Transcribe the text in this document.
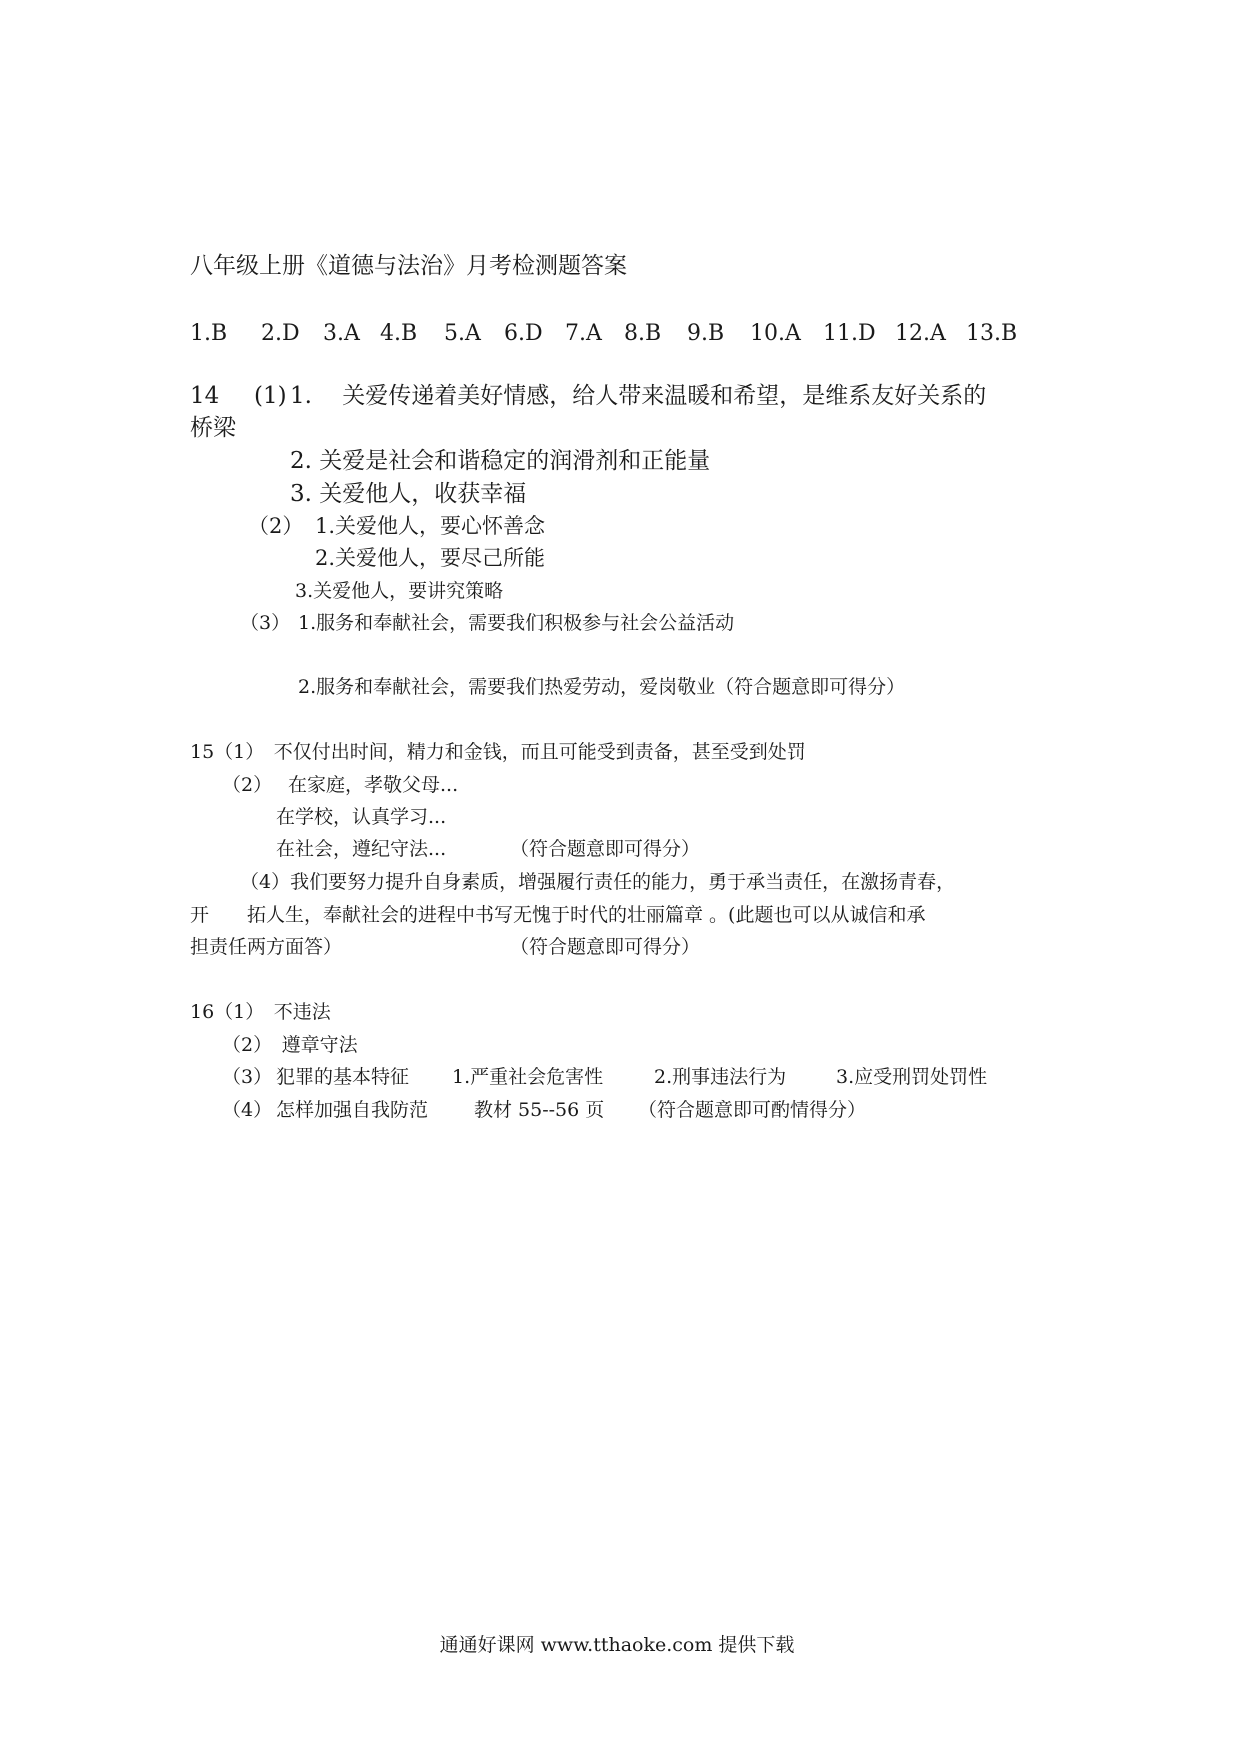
八年级上册《道德与法治》月考检测题答案
1.B 2.D 3.A 4.B 5.A 6.D 7.A 8.B 9.B 10.A 11.D 12.A 13.B
14 (1) 1.　 关爱传递着美好情感，给人带来温暖和希望，是维系友好关系的
桥梁
2. 关爱是社会和谐稳定的润滑剂和正能量
3. 关爱他人，收获幸福
（2） 1.关爱他人，要心怀善念
2.关爱他人，要尽己所能
3.关爱他人，要讲究策略
（3） 1.服务和奉献社会，需要我们积极参与社会公益活动
2.服务和奉献社会，需要我们热爱劳动，爱岗敬业（符合题意即可得分）
15（1）　不仅付出时间，精力和金钱，而且可能受到责备，甚至受到处罚
（2） 在家庭，孝敬父母...
在学校，认真学习...
在社会，遵纪守法...	（符合题意即可得分）
（4）我们要努力提升自身素质，增强履行责任的能力，勇于承当责任，在激扬青春，
开　　拓人生，奉献社会的进程中书写无愧于时代的壮丽篇章 。(此题也可以从诚信和承
担责任两方面答）	（符合题意即可得分）
16（1）　不违法
（2）　遵章守法
（3） 犯罪的基本特征 1.严重社会危害性	2.刑事违法行为	3.应受刑罚处罚性
（4） 怎样加强自我防范 教材 55--56 页 （符合题意即可酌情得分）
通通好课网 www.tthaoke.com 提供下载
